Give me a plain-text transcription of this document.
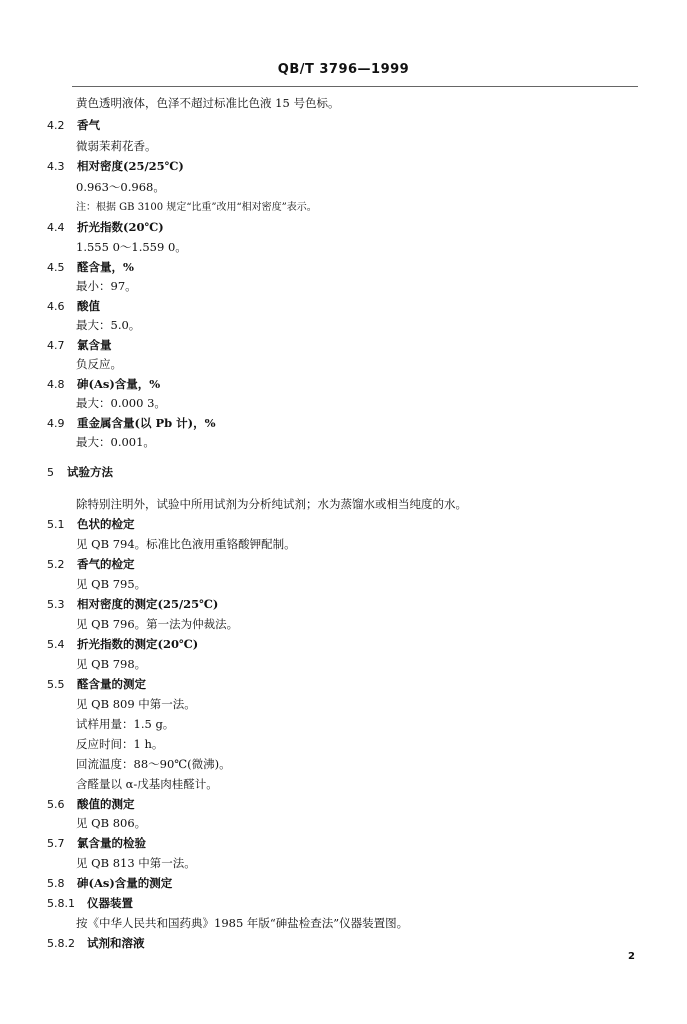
QB/T 3796—1999
黄色透明液体，色泽不超过标准比色液 15 号色标。
4.2 香气
微弱茉莉花香。
4.3 相对密度(25/25℃)
0.963～0.968。
注：根据 GB 3100 规定“比重”改用“相对密度”表示。
4.4 折光指数(20℃)
1.555 0～1.559 0。
4.5 醛含量，%
最小：97。
4.6 酸值
最大：5.0。
4.7 氯含量
负反应。
4.8 砷(As)含量，%
最大：0.000 3。
4.9 重金属含量(以 Pb 计)，%
最大：0.001。
5 试验方法
除特别注明外，试验中所用试剂为分析纯试剂；水为蒸馏水或相当纯度的水。
5.1 色状的检定
见 QB 794。标准比色液用重铬酸钾配制。
5.2 香气的检定
见 QB 795。
5.3 相对密度的测定(25/25℃)
见 QB 796。第一法为仲裁法。
5.4 折光指数的测定(20℃)
见 QB 798。
5.5 醛含量的测定
见 QB 809 中第一法。
试样用量：1.5 g。
反应时间：1 h。
回流温度：88～90℃(微沸)。
含醛量以 α-戊基肉桂醛计。
5.6 酸值的测定
见 QB 806。
5.7 氯含量的检验
见 QB 813 中第一法。
5.8 砷(As)含量的测定
5.8.1 仪器装置
按《中华人民共和国药典》1985 年版“砷盐检查法”仪器装置图。
5.8.2 试剂和溶液
2
